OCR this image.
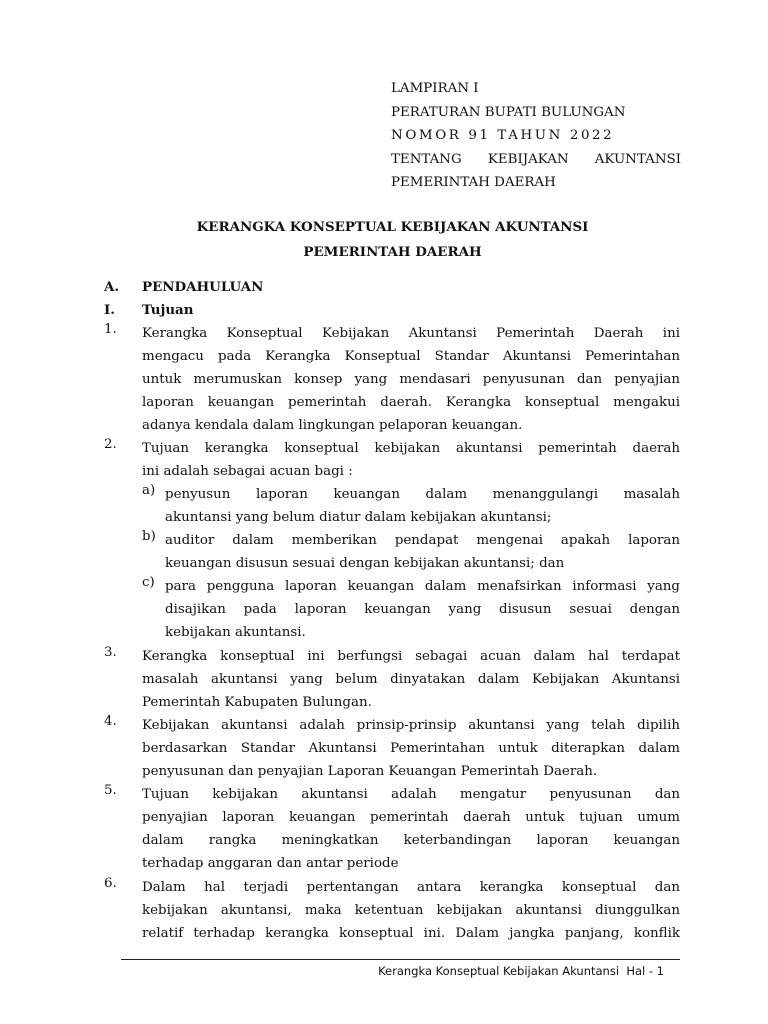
LAMPIRAN I
PERATURAN BUPATI BULUNGAN
NOMOR 91 TAHUN 2022
TENTANG KEBIJAKAN AKUNTANSI
PEMERINTAH DAERAH
KERANGKA KONSEPTUAL KEBIJAKAN AKUNTANSI
PEMERINTAH DAERAH
A. PENDAHULUAN
I. Tujuan
1. Kerangka Konseptual Kebijakan Akuntansi Pemerintah Daerah ini
mengacu pada Kerangka Konseptual Standar Akuntansi Pemerintahan
untuk merumuskan konsep yang mendasari penyusunan dan penyajian
laporan keuangan pemerintah daerah. Kerangka konseptual mengakui
adanya kendala dalam lingkungan pelaporan keuangan.
2. Tujuan kerangka konseptual kebijakan akuntansi pemerintah daerah
ini adalah sebagai acuan bagi :
a) penyusun laporan keuangan dalam menanggulangi masalah
akuntansi yang belum diatur dalam kebijakan akuntansi;
b) auditor dalam memberikan pendapat mengenai apakah laporan
keuangan disusun sesuai dengan kebijakan akuntansi; dan
c) para pengguna laporan keuangan dalam menafsirkan informasi yang
disajikan pada laporan keuangan yang disusun sesuai dengan
kebijakan akuntansi.
3. Kerangka konseptual ini berfungsi sebagai acuan dalam hal terdapat
masalah akuntansi yang belum dinyatakan dalam Kebijakan Akuntansi
Pemerintah Kabupaten Bulungan.
4. Kebijakan akuntansi adalah prinsip-prinsip akuntansi yang telah dipilih
berdasarkan Standar Akuntansi Pemerintahan untuk diterapkan dalam
penyusunan dan penyajian Laporan Keuangan Pemerintah Daerah.
5. Tujuan kebijakan akuntansi adalah mengatur penyusunan dan
penyajian laporan keuangan pemerintah daerah untuk tujuan umum
dalam rangka meningkatkan keterbandingan laporan keuangan
terhadap anggaran dan antar periode
6. Dalam hal terjadi pertentangan antara kerangka konseptual dan
kebijakan akuntansi, maka ketentuan kebijakan akuntansi diunggulkan
relatif terhadap kerangka konseptual ini. Dalam jangka panjang, konflik
Kerangka Konseptual Kebijakan Akuntansi  Hal - 1
